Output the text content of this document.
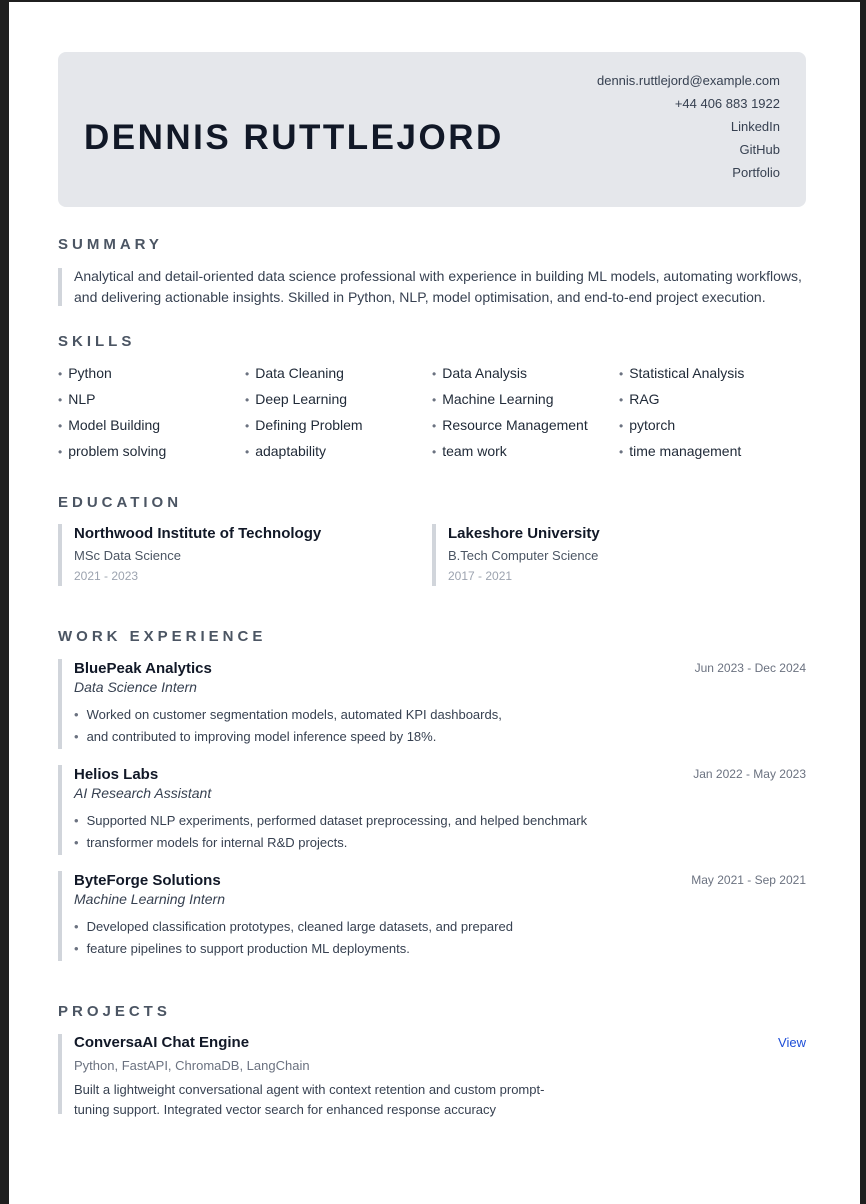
DENNIS RUTTLEJORD
dennis.ruttlejord@example.com
+44 406 883 1922
LinkedIn
GitHub
Portfolio
SUMMARY
Analytical and detail-oriented data science professional with experience in building ML models, automating workflows, and delivering actionable insights. Skilled in Python, NLP, model optimisation, and end-to-end project execution.
SKILLS
• Python	• Data Cleaning	• Data Analysis	• Statistical Analysis
• NLP	• Deep Learning	• Machine Learning	• RAG
• Model Building	• Defining Problem	• Resource Management	• pytorch
• problem solving	• adaptability	• team work	• time management
EDUCATION
Northwood Institute of Technology
MSc Data Science
2021 - 2023
Lakeshore University
B.Tech Computer Science
2017 - 2021
WORK EXPERIENCE
BluePeak Analytics	Jun 2023 - Dec 2024
Data Science Intern
• Worked on customer segmentation models, automated KPI dashboards,
• and contributed to improving model inference speed by 18%.
Helios Labs	Jan 2022 - May 2023
AI Research Assistant
• Supported NLP experiments, performed dataset preprocessing, and helped benchmark
• transformer models for internal R&D projects.
ByteForge Solutions	May 2021 - Sep 2021
Machine Learning Intern
• Developed classification prototypes, cleaned large datasets, and prepared
• feature pipelines to support production ML deployments.
PROJECTS
ConversaAI Chat Engine	View
Python, FastAPI, ChromaDB, LangChain
Built a lightweight conversational agent with context retention and custom prompt-tuning support. Integrated vector search for enhanced response accuracy
